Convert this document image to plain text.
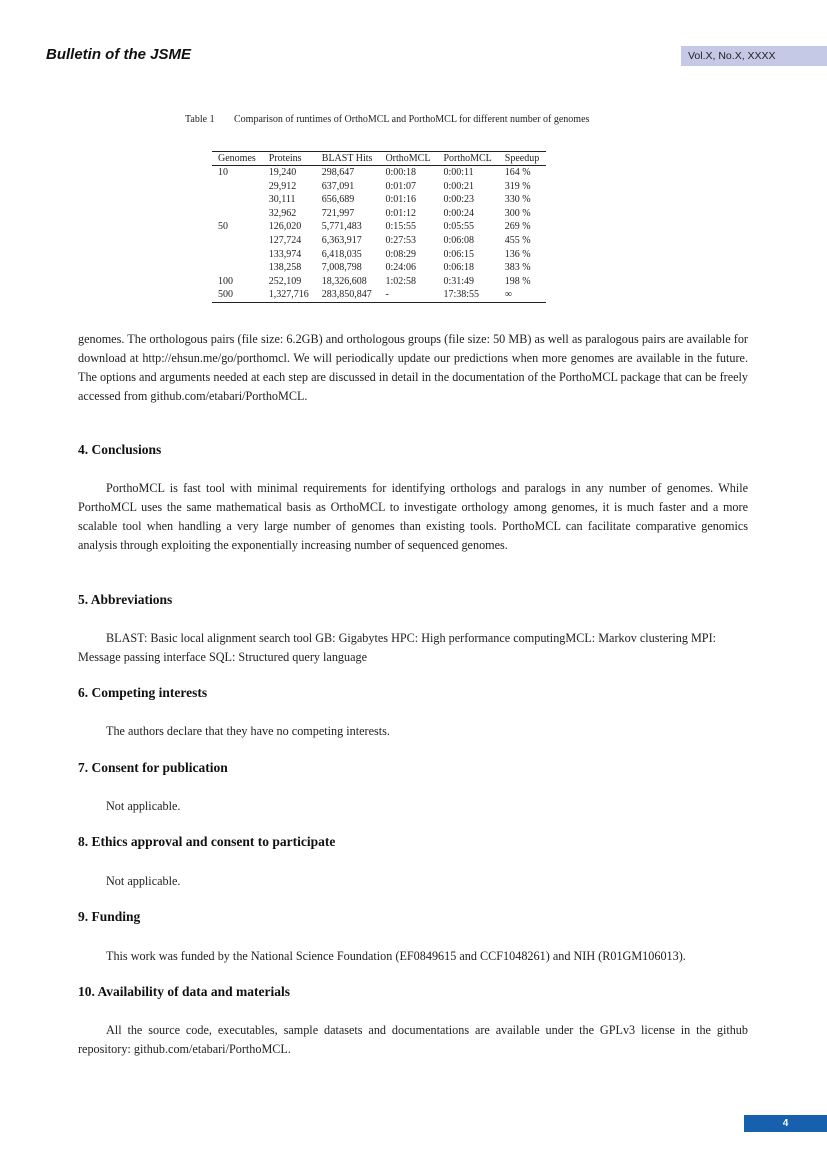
Bulletin of the JSME	Vol.X, No.X, XXXX
Table 1	Comparison of runtimes of OrthoMCL and PorthoMCL for different number of genomes
Genomes	Proteins	BLAST Hits	OrthoMCL	PorthoMCL	Speedup
10	19,240	298,647	0:00:18	0:00:11	164 %
	29,912	637,091	0:01:07	0:00:21	319 %
	30,111	656,689	0:01:16	0:00:23	330 %
	32,962	721,997	0:01:12	0:00:24	300 %
50	126,020	5,771,483	0:15:55	0:05:55	269 %
	127,724	6,363,917	0:27:53	0:06:08	455 %
	133,974	6,418,035	0:08:29	0:06:15	136 %
	138,258	7,008,798	0:24:06	0:06:18	383 %
100	252,109	18,326,608	1:02:58	0:31:49	198 %
500	1,327,716	283,850,847	-	17:38:55	∞

genomes. The orthologous pairs (file size: 6.2GB) and orthologous groups (file size: 50 MB) as well as paralogous pairs are available for download at http://ehsun.me/go/porthomcl. We will periodically update our predictions when more genomes are available in the future. The options and arguments needed at each step are discussed in detail in the documentation of the PorthoMCL package that can be freely accessed from github.com/etabari/PorthoMCL.

4. Conclusions

PorthoMCL is fast tool with minimal requirements for identifying orthologs and paralogs in any number of genomes. While PorthoMCL uses the same mathematical basis as OrthoMCL to investigate orthology among genomes, it is much faster and a more scalable tool when handling a very large number of genomes than existing tools. PorthoMCL can facilitate comparative genomics analysis through exploiting the exponentially increasing number of sequenced genomes.

5. Abbreviations

BLAST: Basic local alignment search tool GB: Gigabytes HPC: High performance computingMCL: Markov clustering MPI: Message passing interface SQL: Structured query language

6. Competing interests

The authors declare that they have no competing interests.

7. Consent for publication

Not applicable.

8. Ethics approval and consent to participate

Not applicable.

9. Funding

This work was funded by the National Science Foundation (EF0849615 and CCF1048261) and NIH (R01GM106013).

10. Availability of data and materials

All the source code, executables, sample datasets and documentations are available under the GPLv3 license in the github repository: github.com/etabari/PorthoMCL.

4
